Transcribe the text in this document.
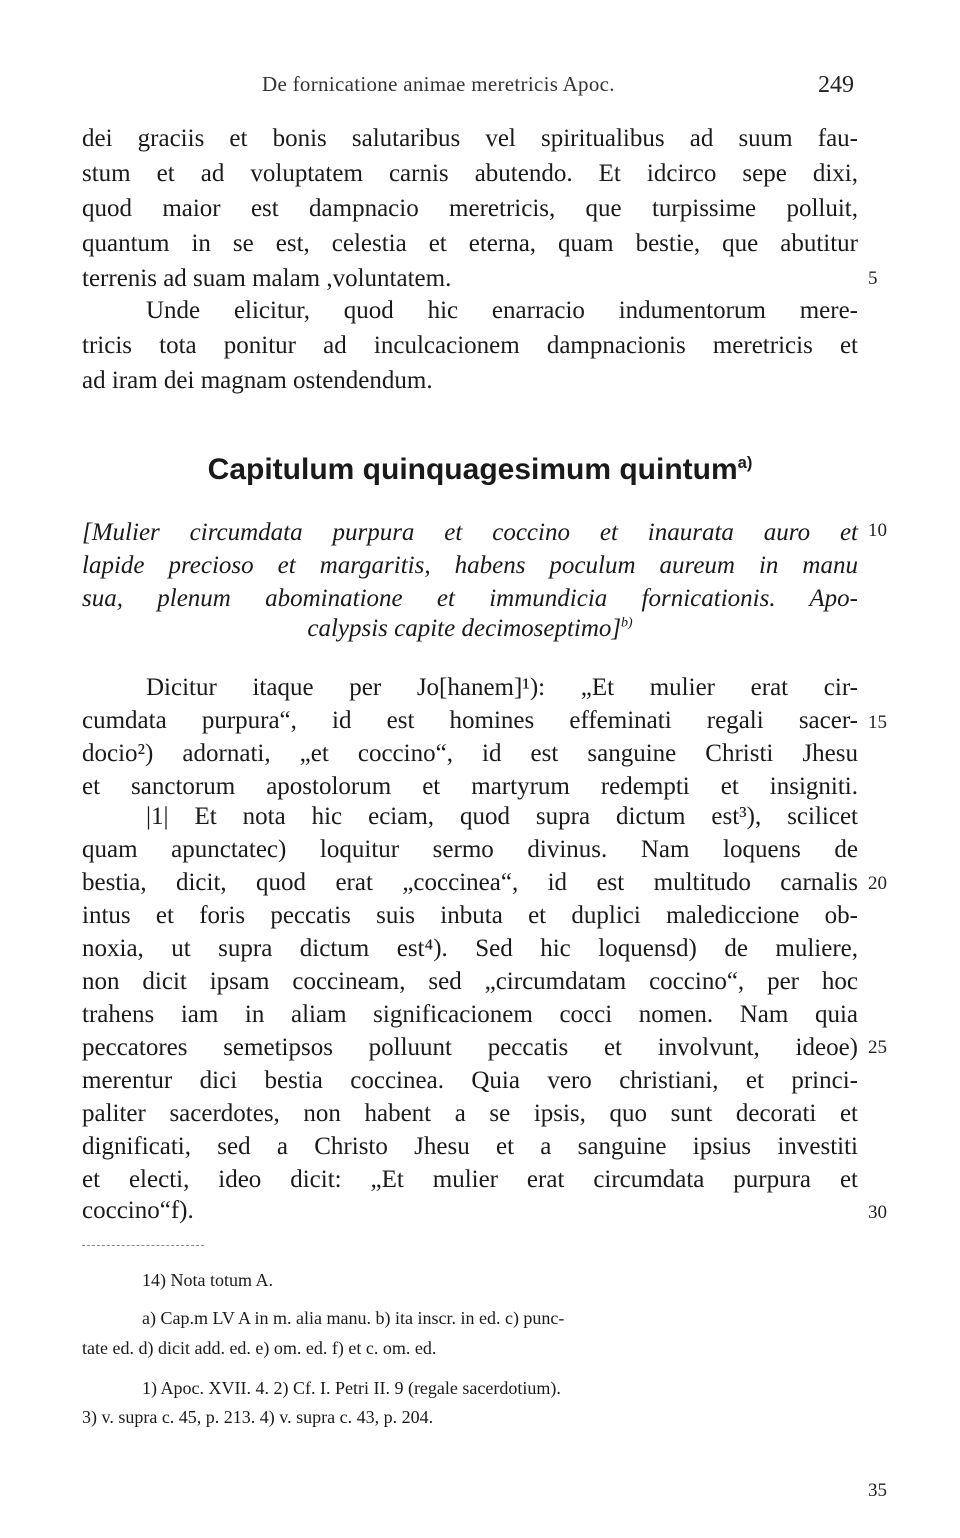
De fornicatione animae meretricis Apoc.	249
dei graciis et bonis salutaribus vel spiritualibus ad suum fau-
stum et ad voluptatem carnis abutendo. Et idcirco sepe dixi,
quod maior est dampnacio meretricis, que turpissime polluit,
quantum in se est, celestia et eterna, quam bestie, que abutitur
terrenis ad suam malam ,voluntatem.
Unde elicitur, quod hic enarracio indumentorum mere-
tricis tota ponitur ad inculcacionem dampnacionis meretricis et
ad iram dei magnam ostendendum.
Capitulum quinquagesimum quintum$^{a)}$
[Mulier circumdata purpura et coccino et inaurata auro et
lapide precioso et margaritis, habens poculum aureum in manu
sua, plenum abominatione et immundicia fornicationis. Apo-
calypsis capite decimoseptimo]$^{b)}$
Dicitur itaque per Jo[hanem]¹): „Et mulier erat cir-
cumdata purpura“, id est homines effeminati regali sacer-
docio²) adornati, „et coccino“, id est sanguine Christi Jhesu
et sanctorum apostolorum et martyrum redempti et insigniti.
|1| Et nota hic eciam, quod supra dictum est³), scilicet
quam apunctatec) loquitur sermo divinus. Nam loquens de
bestia, dicit, quod erat „coccinea“, id est multitudo carnalis
intus et foris peccatis suis inbuta et duplici malediccione ob-
noxia, ut supra dictum est⁴). Sed hic loquensd) de muliere,
non dicit ipsam coccineam, sed „circumdatam coccino“, per hoc
trahens iam in aliam significacionem cocci nomen. Nam quia
peccatores semetipsos polluunt peccatis et involvunt, ideoe)
merentur dici bestia coccinea. Quia vero christiani, et princi-
paliter sacerdotes, non habent a se ipsis, quo sunt decorati et
dignificati, sed a Christo Jhesu et a sanguine ipsius investiti
et electi, ideo dicit: „Et mulier erat circumdata purpura et
coccino“f).
5
10
15
20
25
30
35
14) Nota totum A.
a) Cap.m LV A in m. alia manu. b) ita inscr. in ed. c) punc-
tate ed. d) dicit add. ed. e) om. ed. f) et c. om. ed.
1) Apoc. XVII. 4. 2) Cf. I. Petri II. 9 (regale sacerdotium).
3) v. supra c. 45, p. 213. 4) v. supra c. 43, p. 204.
